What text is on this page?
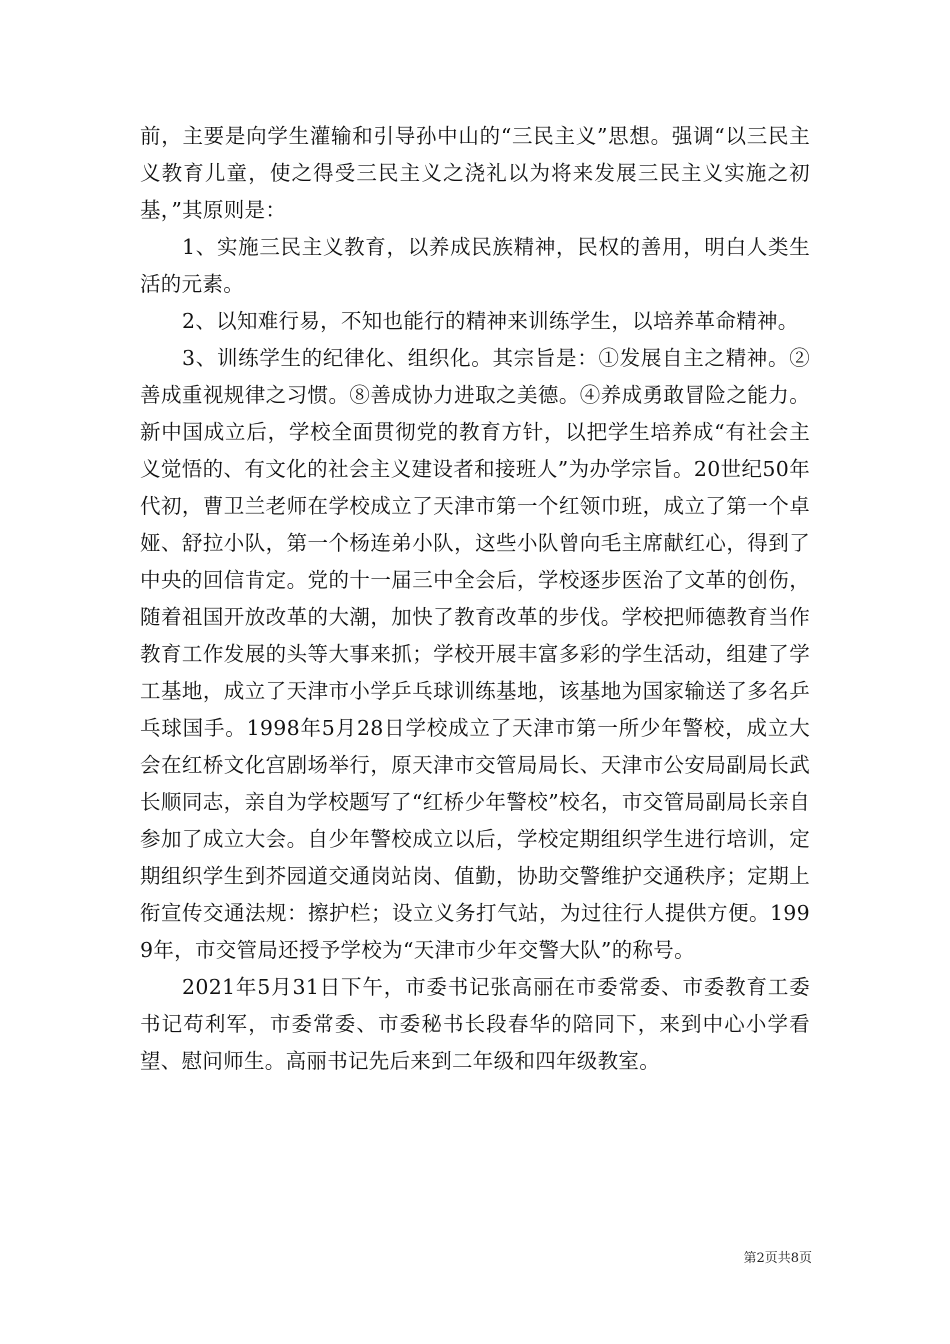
前，主要是向学生灌输和引导孙中山的“三民主义”思想。强调“以三民主义教育儿童，使之得受三民主义之浇礼以为将来发展三民主义实施之初基，”其原则是：

1、实施三民主义教育，以养成民族精神，民权的善用，明白人类生活的元素。

2、以知难行易，不知也能行的精神来训练学生，以培养革命精神。

3、训练学生的纪律化、组织化。其宗旨是：①发展自主之精神。②善成重视规律之习惯。⑧善成协力进取之美德。④养成勇敢冒险之能力。新中国成立后，学校全面贯彻党的教育方针，以把学生培养成“有社会主义觉悟的、有文化的社会主义建设者和接班人”为办学宗旨。20世纪50年代初，曹卫兰老师在学校成立了天津市第一个红领巾班，成立了第一个卓娅、舒拉小队，第一个杨连弟小队，这些小队曾向毛主席献红心，得到了中央的回信肯定。党的十一届三中全会后，学校逐步医治了文革的创伤，随着祖国开放改革的大潮，加快了教育改革的步伐。学校把师德教育当作教育工作发展的头等大事来抓；学校开展丰富多彩的学生活动，组建了学工基地，成立了天津市小学乒乓球训练基地，该基地为国家输送了多名乒乓球国手。1998年5月28日学校成立了天津市第一所少年警校，成立大会在红桥文化宫剧场举行，原天津市交管局局长、天津市公安局副局长武长顺同志，亲自为学校题写了“红桥少年警校”校名，市交管局副局长亲自参加了成立大会。自少年警校成立以后，学校定期组织学生进行培训，定期组织学生到芥园道交通岗站岗、值勤，协助交警维护交通秩序；定期上衔宣传交通法规：擦护栏；设立义务打气站，为过往行人提供方便。1999年，市交管局还授予学校为“天津市少年交警大队”的称号。

2021年5月31日下午，市委书记张高丽在市委常委、市委教育工委书记苟利军，市委常委、市委秘书长段春华的陪同下，来到中心小学看望、慰问师生。高丽书记先后来到二年级和四年级教室。

第2页共8页
